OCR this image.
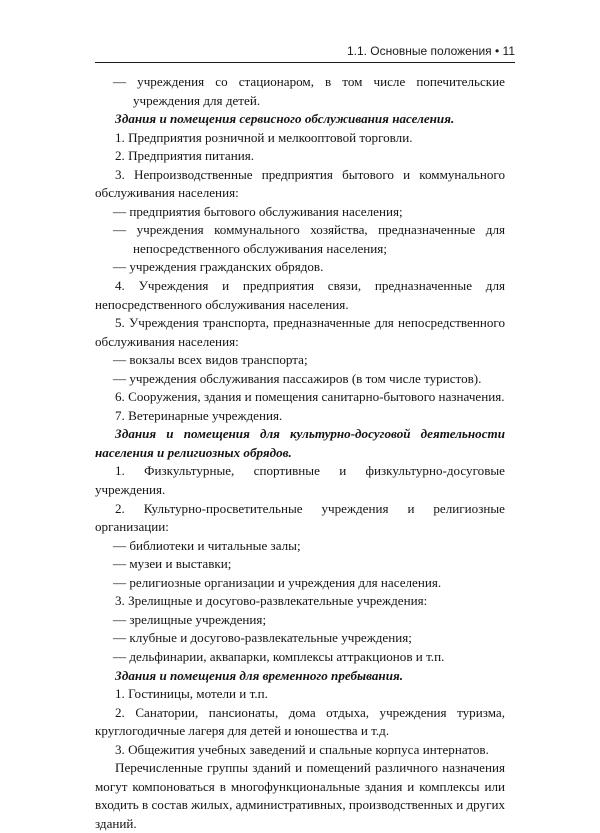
1.1. Основные положения • 11

— учреждения со стационаром, в том числе попечительские учреждения для детей.

Здания и помещения сервисного обслуживания населения.

1. Предприятия розничной и мелкооптовой торговли.

2. Предприятия питания.

3. Непроизводственные предприятия бытового и коммунального обслуживания населения:

— предприятия бытового обслуживания населения;

— учреждения коммунального хозяйства, предназначенные для непосредственного обслуживания населения;

— учреждения гражданских обрядов.

4. Учреждения и предприятия связи, предназначенные для непосредственного обслуживания населения.

5. Учреждения транспорта, предназначенные для непосредственного обслуживания населения:

— вокзалы всех видов транспорта;

— учреждения обслуживания пассажиров (в том числе туристов).

6. Сооружения, здания и помещения санитарно-бытового назначения.

7. Ветеринарные учреждения.

Здания и помещения для культурно-досуговой деятельности населения и религиозных обрядов.

1. Физкультурные, спортивные и физкультурно-досуговые учреждения.

2. Культурно-просветительные учреждения и религиозные организации:

— библиотеки и читальные залы;

— музеи и выставки;

— религиозные организации и учреждения для населения.

3. Зрелищные и досугово-развлекательные учреждения:

— зрелищные учреждения;

— клубные и досугово-развлекательные учреждения;

— дельфинарии, аквапарки, комплексы аттракционов и т.п.

Здания и помещения для временного пребывания.

1. Гостиницы, мотели и т.п.

2. Санатории, пансионаты, дома отдыха, учреждения туризма, круглогодичные лагеря для детей и юношества и т.д.

3. Общежития учебных заведений и спальные корпуса интернатов.

Перечисленные группы зданий и помещений различного назначения могут компоноваться в многофункциональные здания и комплексы или входить в состав жилых, административных, производственных и других зданий.
